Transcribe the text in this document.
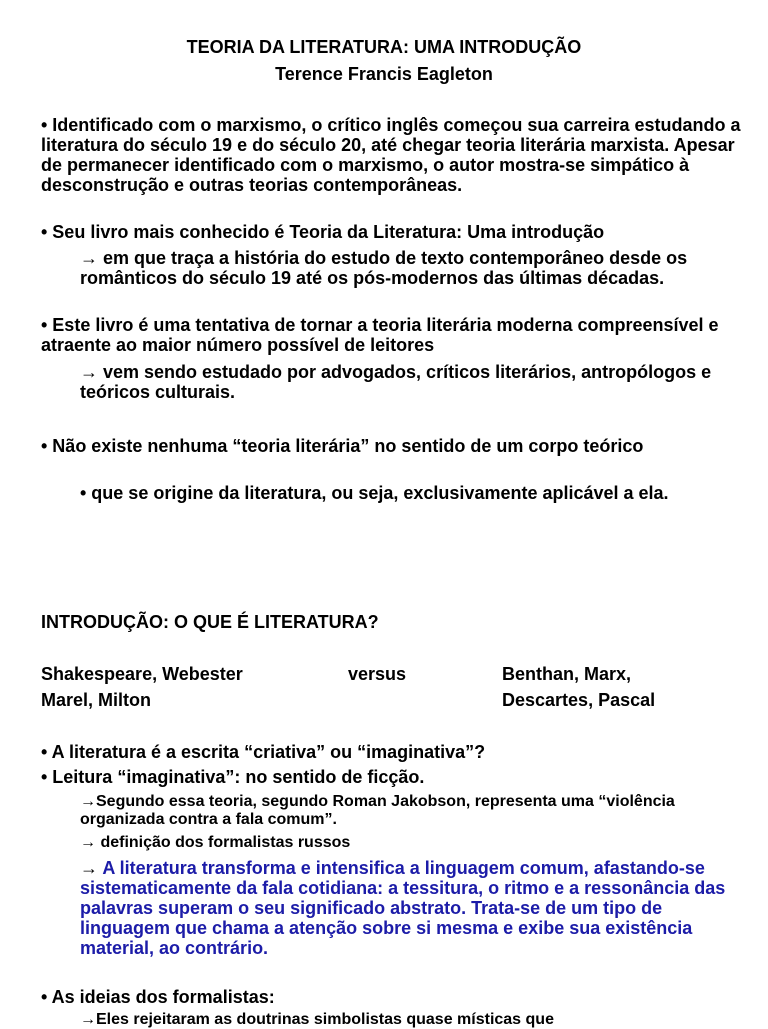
TEORIA DA LITERATURA: UMA INTRODUÇÃO
Terence Francis Eagleton
• Identificado com o marxismo, o crítico inglês começou sua carreira estudando a literatura do século 19 e do século 20, até chegar teoria literária marxista. Apesar de permanecer identificado com o marxismo, o autor mostra-se simpático à desconstrução e outras teorias contemporâneas.
• Seu livro mais conhecido é Teoria da Literatura: Uma introdução
→ em que traça a história do estudo de texto contemporâneo desde os românticos do século 19 até os pós-modernos das últimas décadas.
• Este livro é uma tentativa de tornar a teoria literária moderna compreensível e atraente ao maior número possível de leitores
→ vem sendo estudado por advogados, críticos literários, antropólogos e teóricos culturais.
• Não existe nenhuma “teoria literária” no sentido de um corpo teórico
• que se origine da literatura, ou seja, exclusivamente aplicável a ela.
INTRODUÇÃO: O QUE É LITERATURA?
Shakespeare, Webester
Marel, Milton
versus	Benthan, Marx,
Descartes, Pascal
• A literatura é a escrita “criativa” ou “imaginativa”?
• Leitura “imaginativa”: no sentido de ficção.
→Segundo essa teoria, segundo Roman Jakobson, representa uma “violência organizada contra a fala comum”.
→ definição dos formalistas russos
→ A literatura transforma e intensifica a linguagem comum, afastando-se sistematicamente da fala cotidiana: a tessitura, o ritmo e a ressonância das palavras superam o seu significado abstrato. Trata-se de um tipo de linguagem que chama a atenção sobre si mesma e exibe sua existência material, ao contrário.
• As ideias dos formalistas:
→Eles rejeitaram as doutrinas simbolistas quase místicas que
